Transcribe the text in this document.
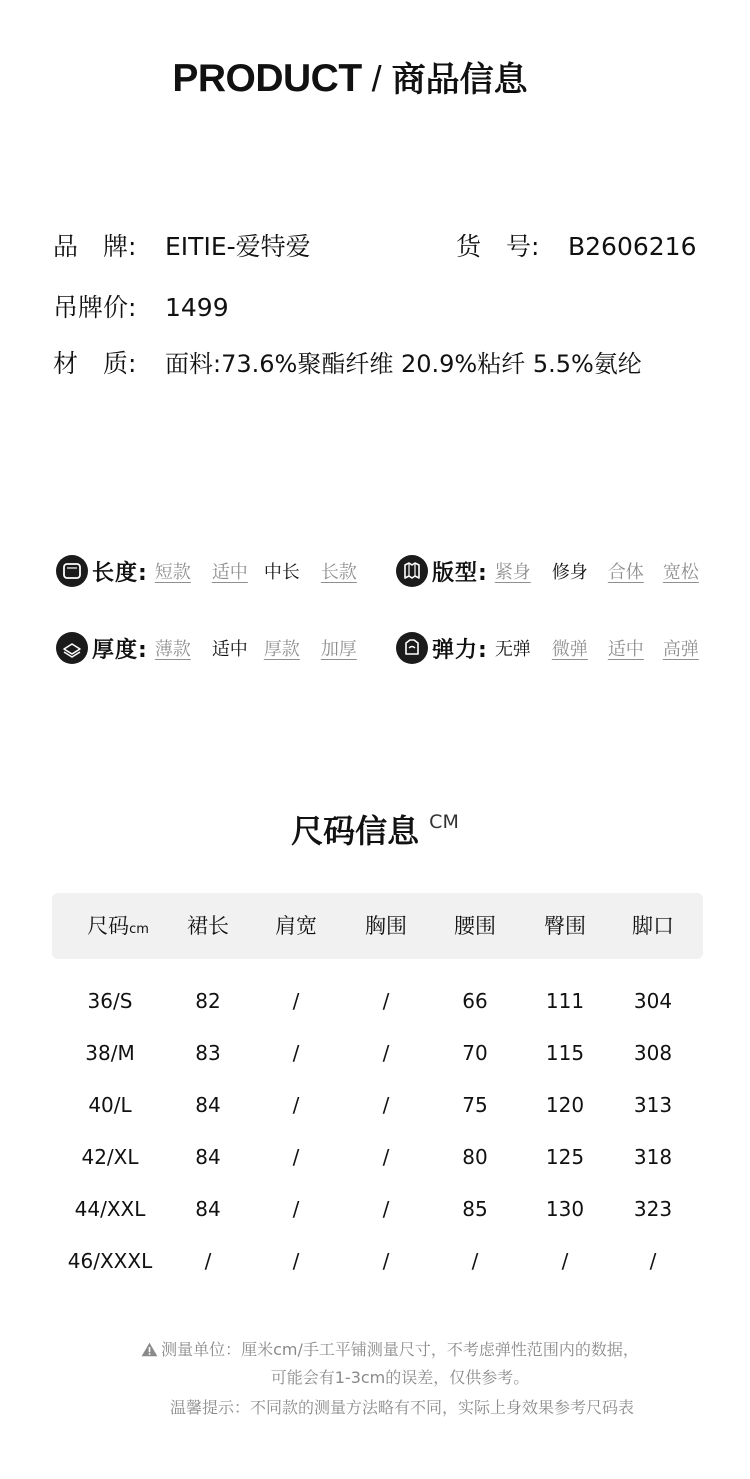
PRODUCT / 商品信息
品　牌: EITIE-爱特爱	货　号: B2606216
吊牌价: 1499
材　质: 面料:73.6%聚酯纤维 20.9%粘纤 5.5%氨纶
长度: 短款 适中 中长 长款	版型: 紧身 修身 合体 宽松
厚度: 薄款 适中 厚款 加厚	弹力: 无弹 微弹 适中 高弹
尺码信息 CM
尺码cm	裙长	肩宽	胸围	腰围	臀围	脚口
36/S	82	/	/	66	111	304
38/M	83	/	/	70	115	308
40/L	84	/	/	75	120	313
42/XL	84	/	/	80	125	318
44/XXL	84	/	/	85	130	323
46/XXXL	/	/	/	/	/	/
测量单位：厘米cm/手工平铺测量尺寸，不考虑弹性范围内的数据，
可能会有1-3cm的误差，仅供参考。
温馨提示：不同款的测量方法略有不同，实际上身效果参考尺码表
